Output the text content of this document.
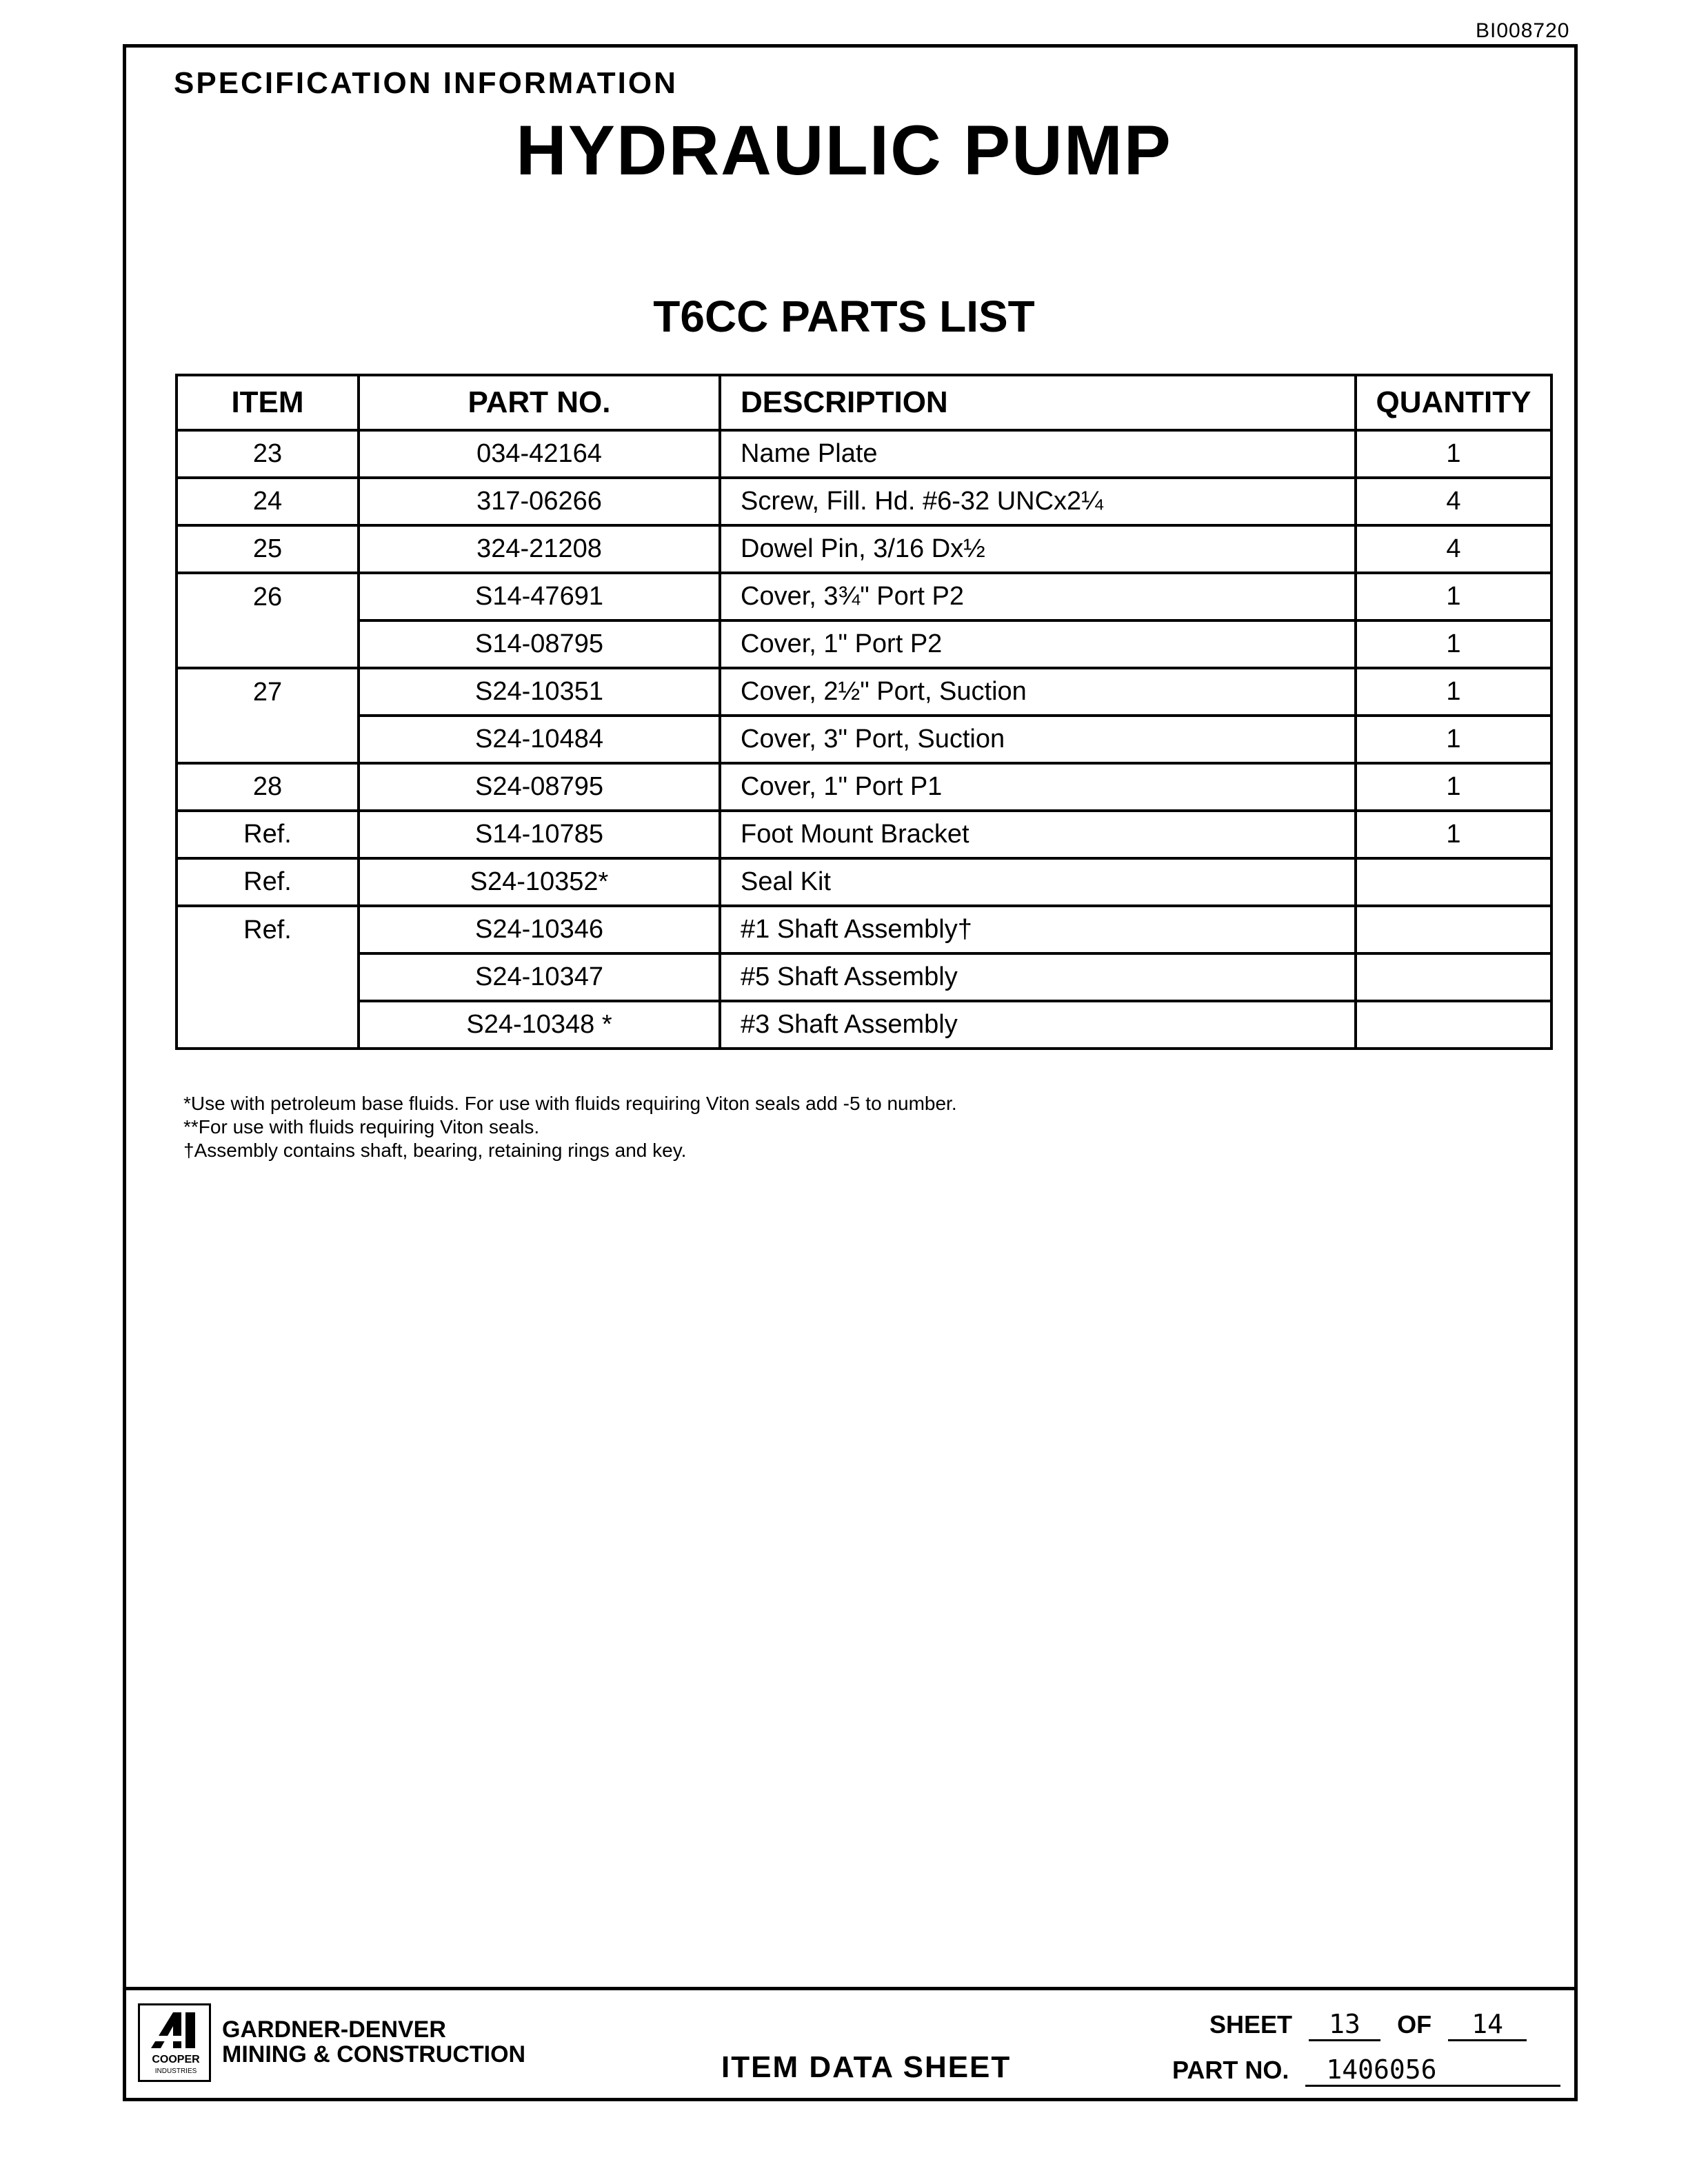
BI008720
SPECIFICATION INFORMATION
HYDRAULIC PUMP
T6CC PARTS LIST
ITEM	PART NO.	DESCRIPTION	QUANTITY
23	034-42164	Name Plate	1
24	317-06266	Screw, Fill. Hd. #6-32 UNCx2¼	4
25	324-21208	Dowel Pin, 3/16 Dx½	4
26	S14-47691	Cover, 3¾" Port P2	1
	S14-08795	Cover, 1" Port P2	1
27	S24-10351	Cover, 2½" Port, Suction	1
	S24-10484	Cover, 3" Port, Suction	1
28	S24-08795	Cover, 1" Port P1	1
Ref.	S14-10785	Foot Mount Bracket	1
Ref.	S24-10352*	Seal Kit	
Ref.	S24-10346	#1 Shaft Assembly†	
	S24-10347	#5 Shaft Assembly	
	S24-10348 *	#3 Shaft Assembly	
*Use with petroleum base fluids. For use with fluids requiring Viton seals add -5 to number.
**For use with fluids requiring Viton seals.
†Assembly contains shaft, bearing, retaining rings and key.
COOPER
INDUSTRIES
GARDNER-DENVER
MINING & CONSTRUCTION	ITEM DATA SHEET
SHEET 13 OF 14
PART NO. 1406056
